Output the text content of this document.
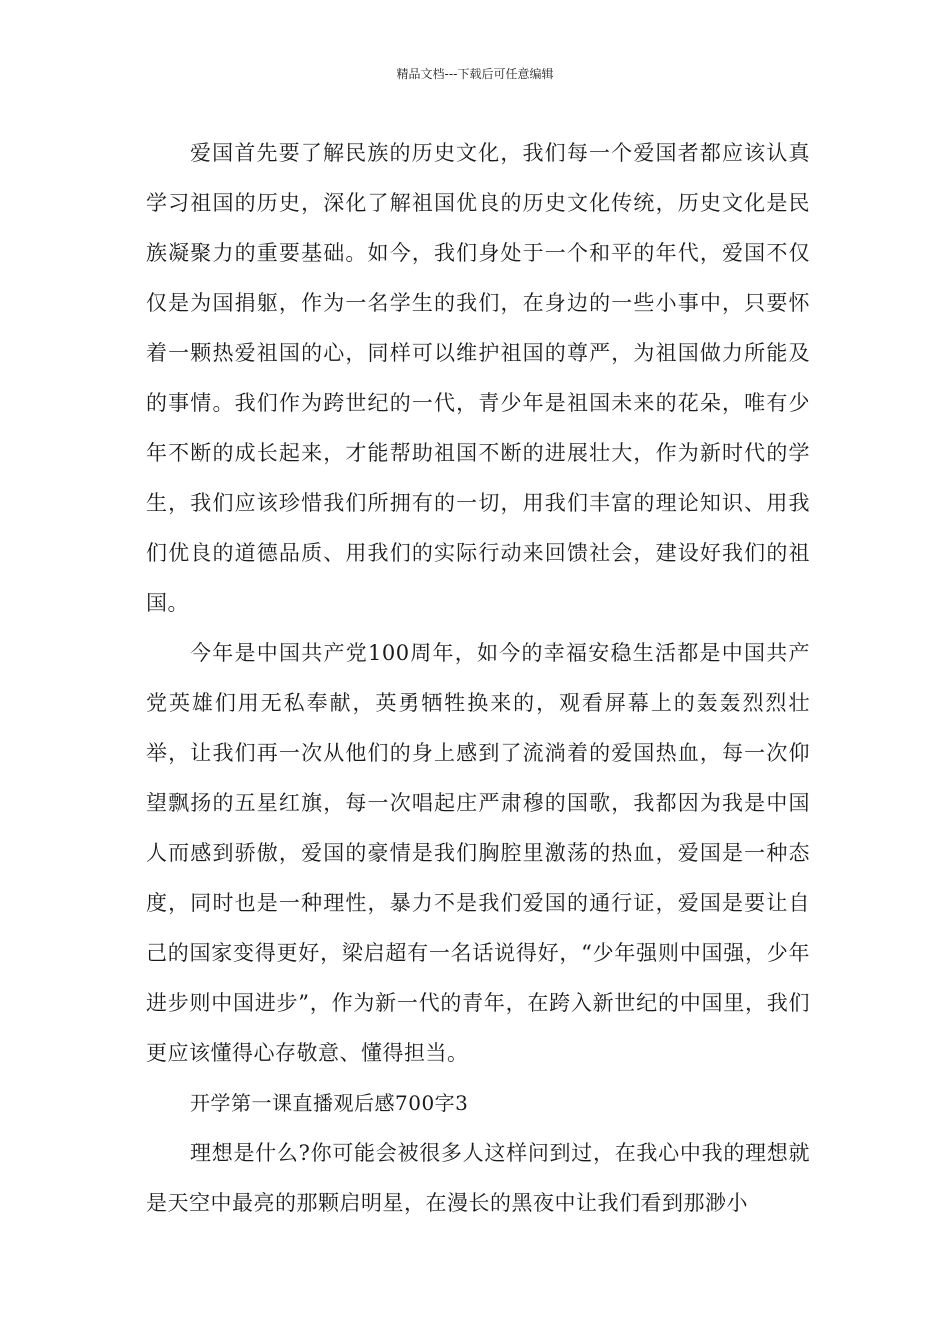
精品文档---下载后可任意编辑

爱国首先要了解民族的历史文化，我们每一个爱国者都应该认真学习祖国的历史，深化了解祖国优良的历史文化传统，历史文化是民族凝聚力的重要基础。如今，我们身处于一个和平的年代，爱国不仅仅是为国捐躯，作为一名学生的我们，在身边的一些小事中，只要怀着一颗热爱祖国的心，同样可以维护祖国的尊严，为祖国做力所能及的事情。我们作为跨世纪的一代，青少年是祖国未来的花朵，唯有少年不断的成长起来，才能帮助祖国不断的进展壮大，作为新时代的学生，我们应该珍惜我们所拥有的一切，用我们丰富的理论知识、用我们优良的道德品质、用我们的实际行动来回馈社会，建设好我们的祖国。

今年是中国共产党100周年，如今的幸福安稳生活都是中国共产党英雄们用无私奉献，英勇牺牲换来的，观看屏幕上的轰轰烈烈壮举，让我们再一次从他们的身上感到了流淌着的爱国热血，每一次仰望飘扬的五星红旗，每一次唱起庄严肃穆的国歌，我都因为我是中国人而感到骄傲，爱国的豪情是我们胸腔里激荡的热血，爱国是一种态度，同时也是一种理性，暴力不是我们爱国的通行证，爱国是要让自己的国家变得更好，梁启超有一名话说得好，“少年强则中国强，少年进步则中国进步”，作为新一代的青年，在跨入新世纪的中国里，我们更应该懂得心存敬意、懂得担当。

开学第一课直播观后感700字3

理想是什么?你可能会被很多人这样问到过，在我心中我的理想就是天空中最亮的那颗启明星，在漫长的黑夜中让我们看到那渺小
